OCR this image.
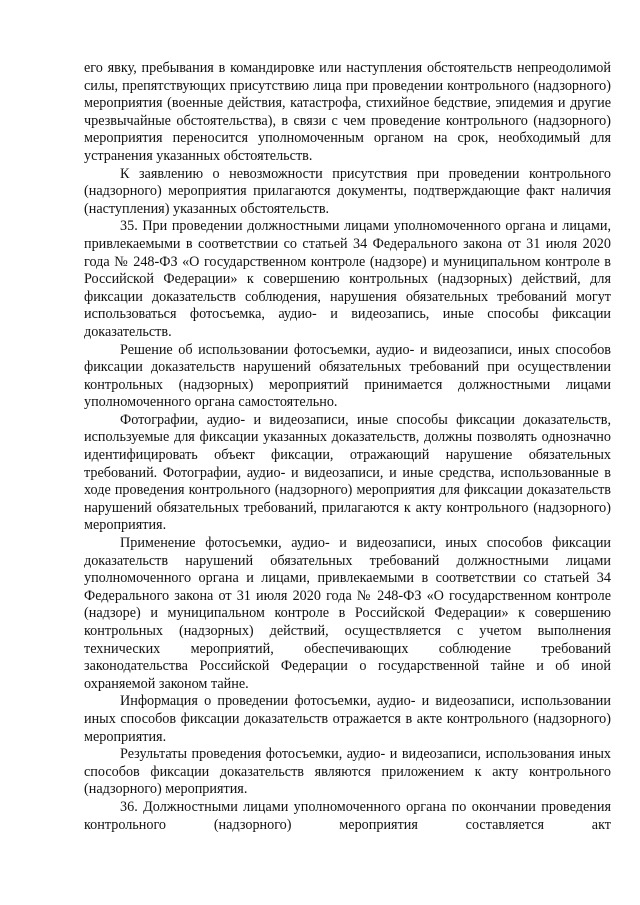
его явку, пребывания в командировке или наступления обстоятельств непреодолимой силы, препятствующих присутствию лица при проведении контрольного (надзорного) мероприятия (военные действия, катастрофа, стихийное бедствие, эпидемия и другие чрезвычайные обстоятельства), в связи с чем проведение контрольного (надзорного) мероприятия переносится уполномоченным органом на срок, необходимый для устранения указанных обстоятельств.

К заявлению о невозможности присутствия при проведении контрольного (надзорного) мероприятия прилагаются документы, подтверждающие факт наличия (наступления) указанных обстоятельств.

35. При проведении должностными лицами уполномоченного органа и лицами, привлекаемыми в соответствии со статьей 34 Федерального закона от 31 июля 2020 года № 248-ФЗ «О государственном контроле (надзоре) и муниципальном контроле в Российской Федерации» к совершению контрольных (надзорных) действий, для фиксации доказательств соблюдения, нарушения обязательных требований могут использоваться фотосъемка, аудио- и видеозапись, иные способы фиксации доказательств.

Решение об использовании фотосъемки, аудио- и видеозаписи, иных способов фиксации доказательств нарушений обязательных требований при осуществлении контрольных (надзорных) мероприятий принимается должностными лицами уполномоченного органа самостоятельно.

Фотографии, аудио- и видеозаписи, иные способы фиксации доказательств, используемые для фиксации указанных доказательств, должны позволять однозначно идентифицировать объект фиксации, отражающий нарушение обязательных требований. Фотографии, аудио- и видеозаписи, и иные средства, использованные в ходе проведения контрольного (надзорного) мероприятия для фиксации доказательств нарушений обязательных требований, прилагаются к акту контрольного (надзорного) мероприятия.

Применение фотосъемки, аудио- и видеозаписи, иных способов фиксации доказательств нарушений обязательных требований должностными лицами уполномоченного органа и лицами, привлекаемыми в соответствии со статьей 34 Федерального закона от 31 июля 2020 года № 248-ФЗ «О государственном контроле (надзоре) и муниципальном контроле в Российской Федерации» к совершению контрольных (надзорных) действий, осуществляется с учетом выполнения технических мероприятий, обеспечивающих соблюдение требований законодательства Российской Федерации о государственной тайне и об иной охраняемой законом тайне.

Информация о проведении фотосъемки, аудио- и видеозаписи, использовании иных способов фиксации доказательств отражается в акте контрольного (надзорного) мероприятия.

Результаты проведения фотосъемки, аудио- и видеозаписи, использования иных способов фиксации доказательств являются приложением к акту контрольного (надзорного) мероприятия.

36. Должностными лицами уполномоченного органа по окончании проведения контрольного (надзорного) мероприятия составляется акт
